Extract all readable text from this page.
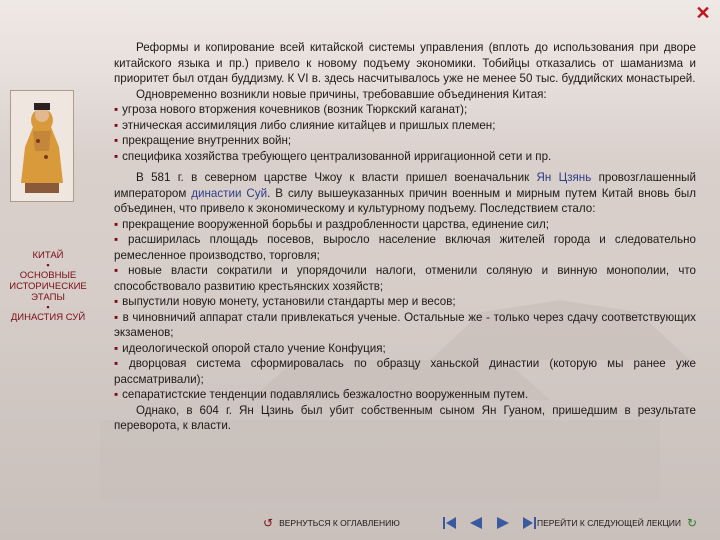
✕
КИТАЙ
▪
ОСНОВНЫЕ ИСТОРИЧЕСКИЕ ЭТАПЫ
▪
ДИНАСТИЯ СУЙ

Реформы и копирование всей китайской системы управления (вплоть до использования при дворе китайского языка и пр.) привело к новому подъему экономики. Тобийцы отказались от шаманизма и приоритет был отдан буддизму. К VI в. здесь насчитывалось уже не менее 50 тыс. буддийских монастырей.

Одновременно возникли новые причины, требовавшие объединения Китая:

▪ угроза нового вторжения кочевников (возник Тюркский каганат);

▪ этническая ассимиляция либо слияние китайцев и пришлых племен;

▪ прекращение внутренних войн;

▪ специфика хозяйства требующего централизованной ирригационной сети и пр.

В 581 г. в северном царстве Чжоу к власти пришел военачальник Ян Цзянь провозглашенный императором династии Суй. В силу вышеуказанных причин военным и мирным путем Китай вновь был объединен, что привело к экономическому и культурному подъему. Последствием стало:

▪ прекращение вооруженной борьбы и раздробленности царства, единение сил;

▪ расширилась площадь посевов, выросло население включая жителей города и следовательно ремесленное производство, торговля;

▪ новые власти сократили и упорядочили налоги, отменили соляную и винную монополии, что способствовало развитию крестьянских хозяйств;

▪ выпустили новую монету, установили стандарты мер и весов;

▪ в чиновничий аппарат стали привлекаться ученые. Остальные же - только через сдачу соответствующих экзаменов;

▪ идеологической опорой стало учение Конфуция;

▪ дворцовая система сформировалась по образцу ханьской династии (которую мы ранее уже рассматривали);

▪ сепаратистские тенденции подавлялись безжалостно вооруженным путем.

Однако, в 604 г. Ян Цзинь был убит собственным сыном Ян Гуаном, пришедшим в результате переворота, к власти.

↺ ВЕРНУТЬСЯ К ОГЛАВЛЕНИЮ
	ПЕРЕЙТИ К СЛЕДУЮЩЕЙ ЛЕКЦИИ ↻
